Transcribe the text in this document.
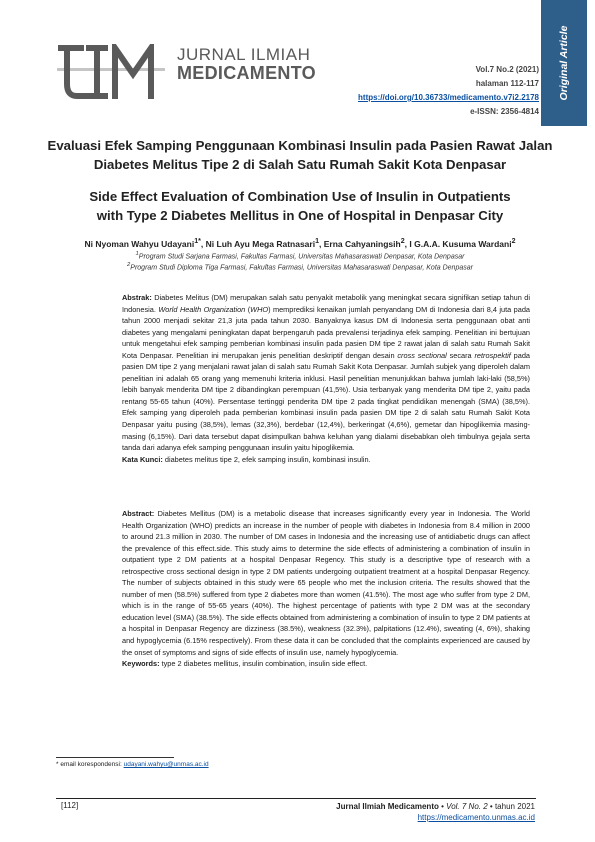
Original Article
JURNAL ILMIAH
MEDICAMENTO	Vol.7 No.2 (2021)
halaman 112-117
https://doi.org/10.36733/medicamento.v7i2.2178
e-ISSN: 2356-4814
Evaluasi Efek Samping Penggunaan Kombinasi Insulin pada Pasien Rawat Jalan
Diabetes Melitus Tipe 2 di Salah Satu Rumah Sakit Kota Denpasar
Side Effect Evaluation of Combination Use of Insulin in Outpatients
with Type 2 Diabetes Mellitus in One of Hospital in Denpasar City
Ni Nyoman Wahyu Udayani$^{1*}$, Ni Luh Ayu Mega Ratnasari$^1$, Erna Cahyaningsih$^2$, I G.A.A. Kusuma Wardani$^2$
$^1$Program Studi Sarjana Farmasi, Fakultas Farmasi, Universitas Mahasaraswati Denpasar, Kota Denpasar
$^2$Program Studi Diploma Tiga Farmasi, Fakultas Farmasi, Universitas Mahasaraswati Denpasar, Kota Denpasar
Abstrak: Diabetes Melitus (DM) merupakan salah satu penyakit metabolik yang meningkat secara signifikan setiap tahun di Indonesia. World Health Organization (WHO) memprediksi kenaikan jumlah penyandang DM di Indonesia dari 8,4 juta pada tahun 2000 menjadi sekitar 21,3 juta pada tahun 2030. Banyaknya kasus DM di Indonesia serta penggunaan obat anti diabetes yang mengalami peningkatan dapat berpengaruh pada prevalensi terjadinya efek samping. Penelitian ini bertujuan untuk mengetahui efek samping pemberian kombinasi insulin pada pasien DM tipe 2 rawat jalan di salah satu Rumah Sakit Kota Denpasar. Penelitian ini merupakan jenis penelitian deskriptif dengan desain cross sectional secara retrospektif pada pasien DM tipe 2 yang menjalani rawat jalan di salah satu Rumah Sakit Kota Denpasar. Jumlah subjek yang diperoleh dalam penelitian ini adalah 65 orang yang memenuhi kriteria inklusi. Hasil penelitian menunjukkan bahwa jumlah laki-laki (58,5%) lebih banyak menderita DM tipe 2 dibandingkan perempuan (41,5%). Usia terbanyak yang menderita DM tipe 2, yaitu pada rentang 55-65 tahun (40%). Persentase tertinggi penderita DM tipe 2 pada tingkat pendidikan menengah (SMA) (38,5%). Efek samping yang diperoleh pada pemberian kombinasi insulin pada pasien DM tipe 2 di salah satu Rumah Sakit Kota Denpasar yaitu pusing (38,5%), lemas (32,3%), berdebar (12,4%), berkeringat (4,6%), gemetar dan hipoglikemia masing-masing (6,15%). Dari data tersebut dapat disimpulkan bahwa keluhan yang dialami disebabkan oleh timbulnya gejala serta tanda dari adanya efek samping penggunaan insulin yaitu hipoglikemia.
Kata Kunci: diabetes melitus tipe 2, efek samping insulin, kombinasi insulin.
Abstract: Diabetes Mellitus (DM) is a metabolic disease that increases significantly every year in Indonesia. The World Health Organization (WHO) predicts an increase in the number of people with diabetes in Indonesia from 8.4 million in 2000 to around 21.3 million in 2030. The number of DM cases in Indonesia and the increasing use of antidiabetic drugs can affect the prevalence of this effect.side. This study aims to determine the side effects of administering a combination of insulin in outpatient type 2 DM patients at a hospital Denpasar Regency. This study is a descriptive type of research with a retrospective cross sectional design in type 2 DM patients undergoing outpatient treatment at a hospital Denpasar Regency. The number of subjects obtained in this study were 65 people who met the inclusion criteria. The results showed that the number of men (58.5%) suffered from type 2 diabetes more than women (41.5%). The most age who suffer from type 2 DM, which is in the range of 55-65 years (40%). The highest percentage of patients with type 2 DM was at the secondary education level (SMA) (38.5%). The side effects obtained from administering a combination of insulin to type 2 DM patients at a hospital in Denpasar Regency are dizziness (38.5%), weakness (32.3%), palpitations (12.4%), sweating (4, 6%), shaking and hypoglycemia (6.15% respectively). From these data it can be concluded that the complaints experienced are caused by the onset of symptoms and signs of side effects of insulin use, namely hypoglycemia.
Keywords: type 2 diabetes mellitus, insulin combination, insulin side effect.
* email korespondensi: udayani.wahyu@unmas.ac.id
[112]	Jurnal Ilmiah Medicamento • Vol. 7 No. 2 • tahun 2021
https://medicamento.unmas.ac.id
